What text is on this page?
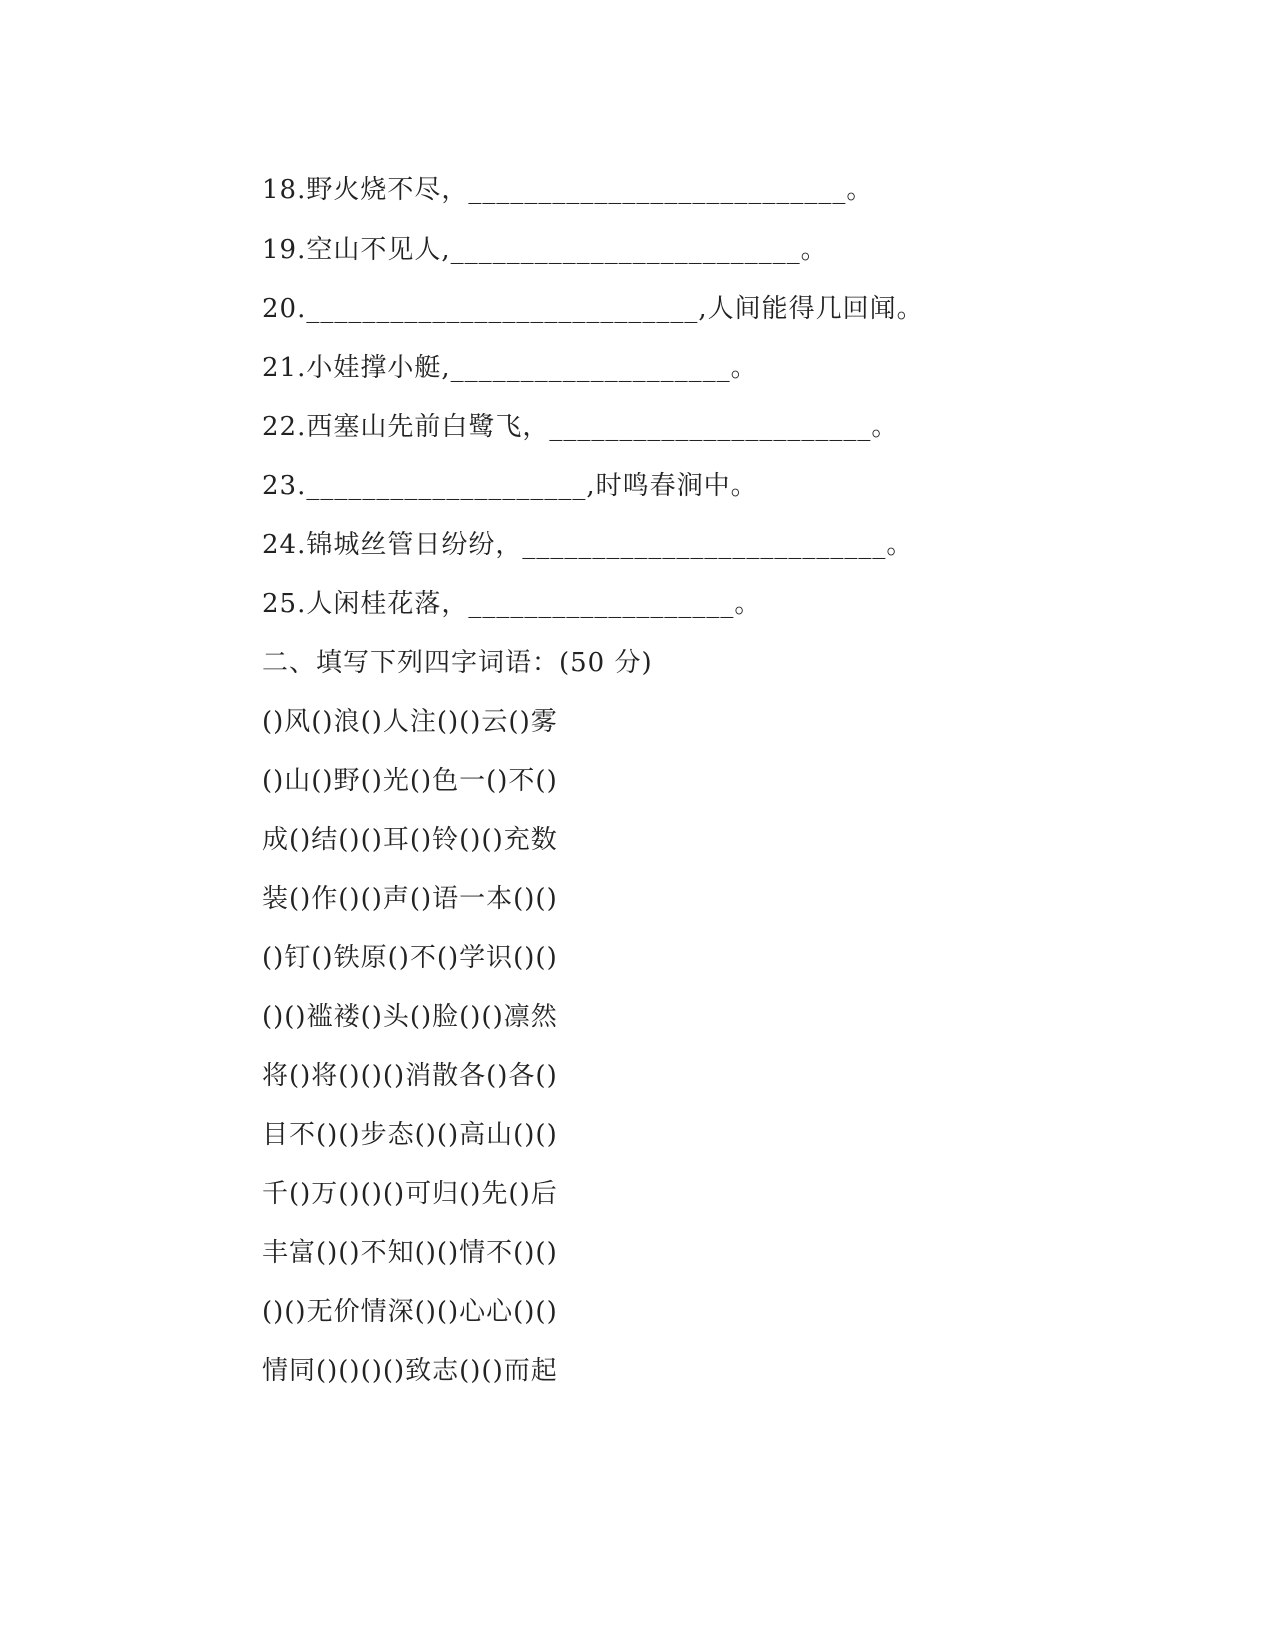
18.野火烧不尽，___________________________。
19.空山不见人,_________________________。
20.____________________________,人间能得几回闻。
21.小娃撑小艇,____________________。
22.西塞山先前白鹭飞，_______________________。
23.____________________,时鸣春涧中。
24.锦城丝管日纷纷，__________________________。
25.人闲桂花落，___________________。
二、填写下列四字词语：(50 分)
()风()浪()人注()()云()雾
()山()野()光()色一()不()
成()结()()耳()铃()()充数
装()作()()声()语一本()()
()钉()铁原()不()学识()()
()()褴褛()头()脸()()凛然
将()将()()()消散各()各()
目不()()步态()()高山()()
千()万()()()可归()先()后
丰富()()不知()()情不()()
()()无价情深()()心心()()
情同()()()()致志()()而起
